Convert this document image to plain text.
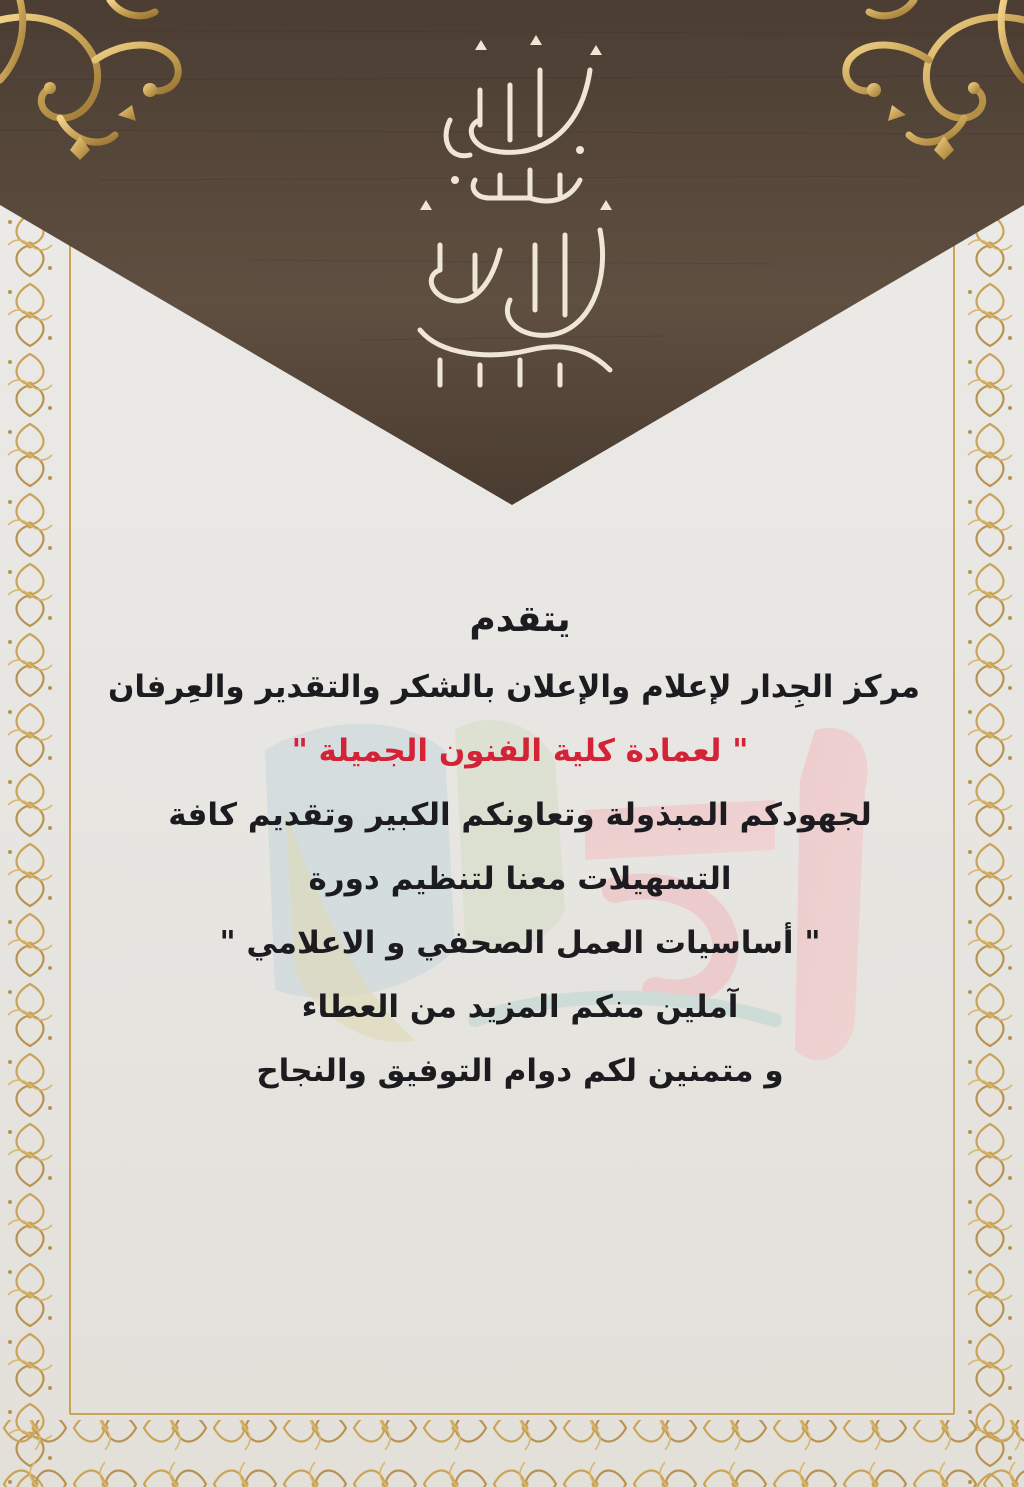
يتقدم
مركز الجِدار لإعلام والإعلان بالشكر والتقدير والعِرفان
" لعمادة كلية الفنون الجميلة "
لجهودكم المبذولة وتعاونكم الكبير وتقديم كافة
التسهيلات معنا لتنظيم دورة
" أساسيات العمل الصحفي و الاعلامي "
آملين منكم المزيد من العطاء
و متمنين لكم دوام التوفيق والنجاح
